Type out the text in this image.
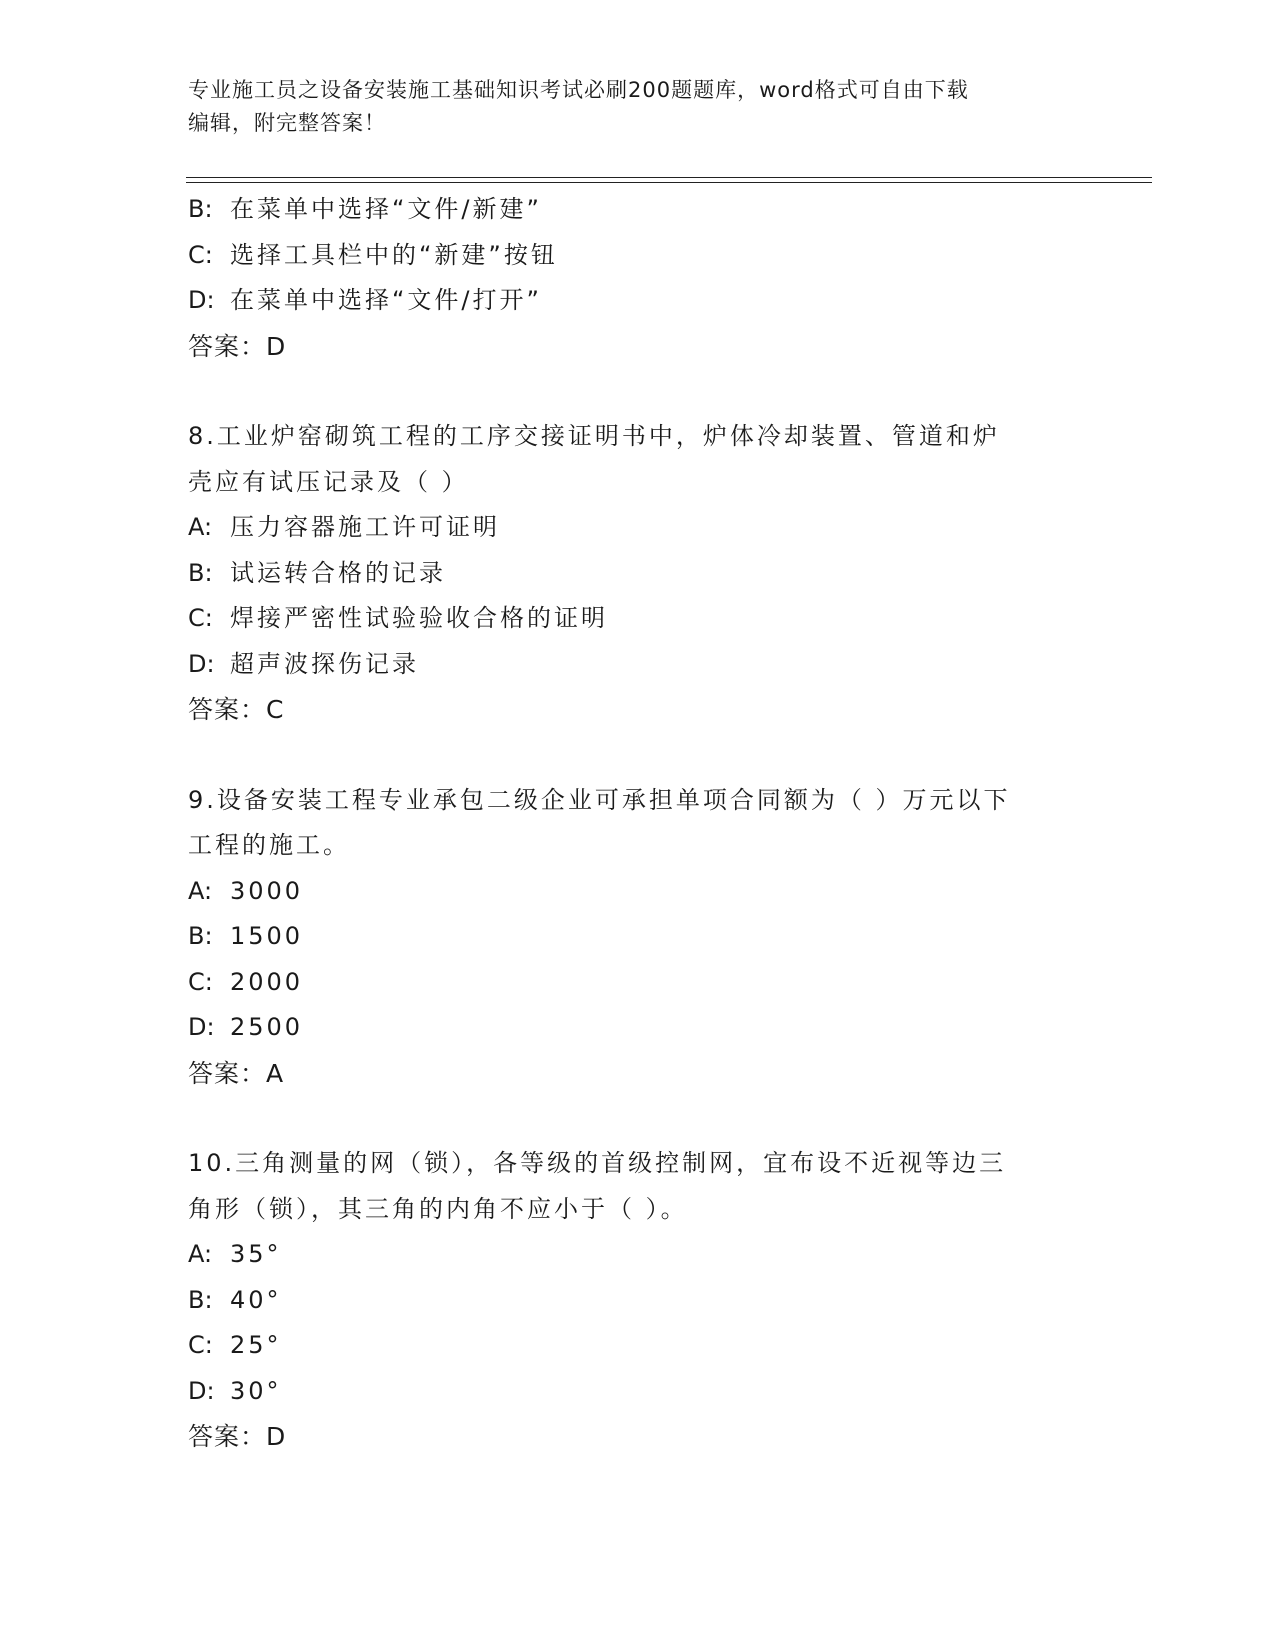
专业施工员之设备安装施工基础知识考试必刷200题题库，word格式可自由下载
编辑，附完整答案！
B: 在菜单中选择“文件/新建”
C: 选择工具栏中的“新建”按钮
D: 在菜单中选择“文件/打开”
答案：D
8.工业炉窑砌筑工程的工序交接证明书中，炉体冷却装置、管道和炉
壳应有试压记录及（ ）
A: 压力容器施工许可证明
B: 试运转合格的记录
C: 焊接严密性试验验收合格的证明
D: 超声波探伤记录
答案：C
9.设备安装工程专业承包二级企业可承担单项合同额为（ ）万元以下
工程的施工。
A: 3000
B: 1500
C: 2000
D: 2500
答案：A
10.三角测量的网（锁），各等级的首级控制网，宜布设不近视等边三
角形（锁），其三角的内角不应小于（ ）。
A: 35°
B: 40°
C: 25°
D: 30°
答案：D
